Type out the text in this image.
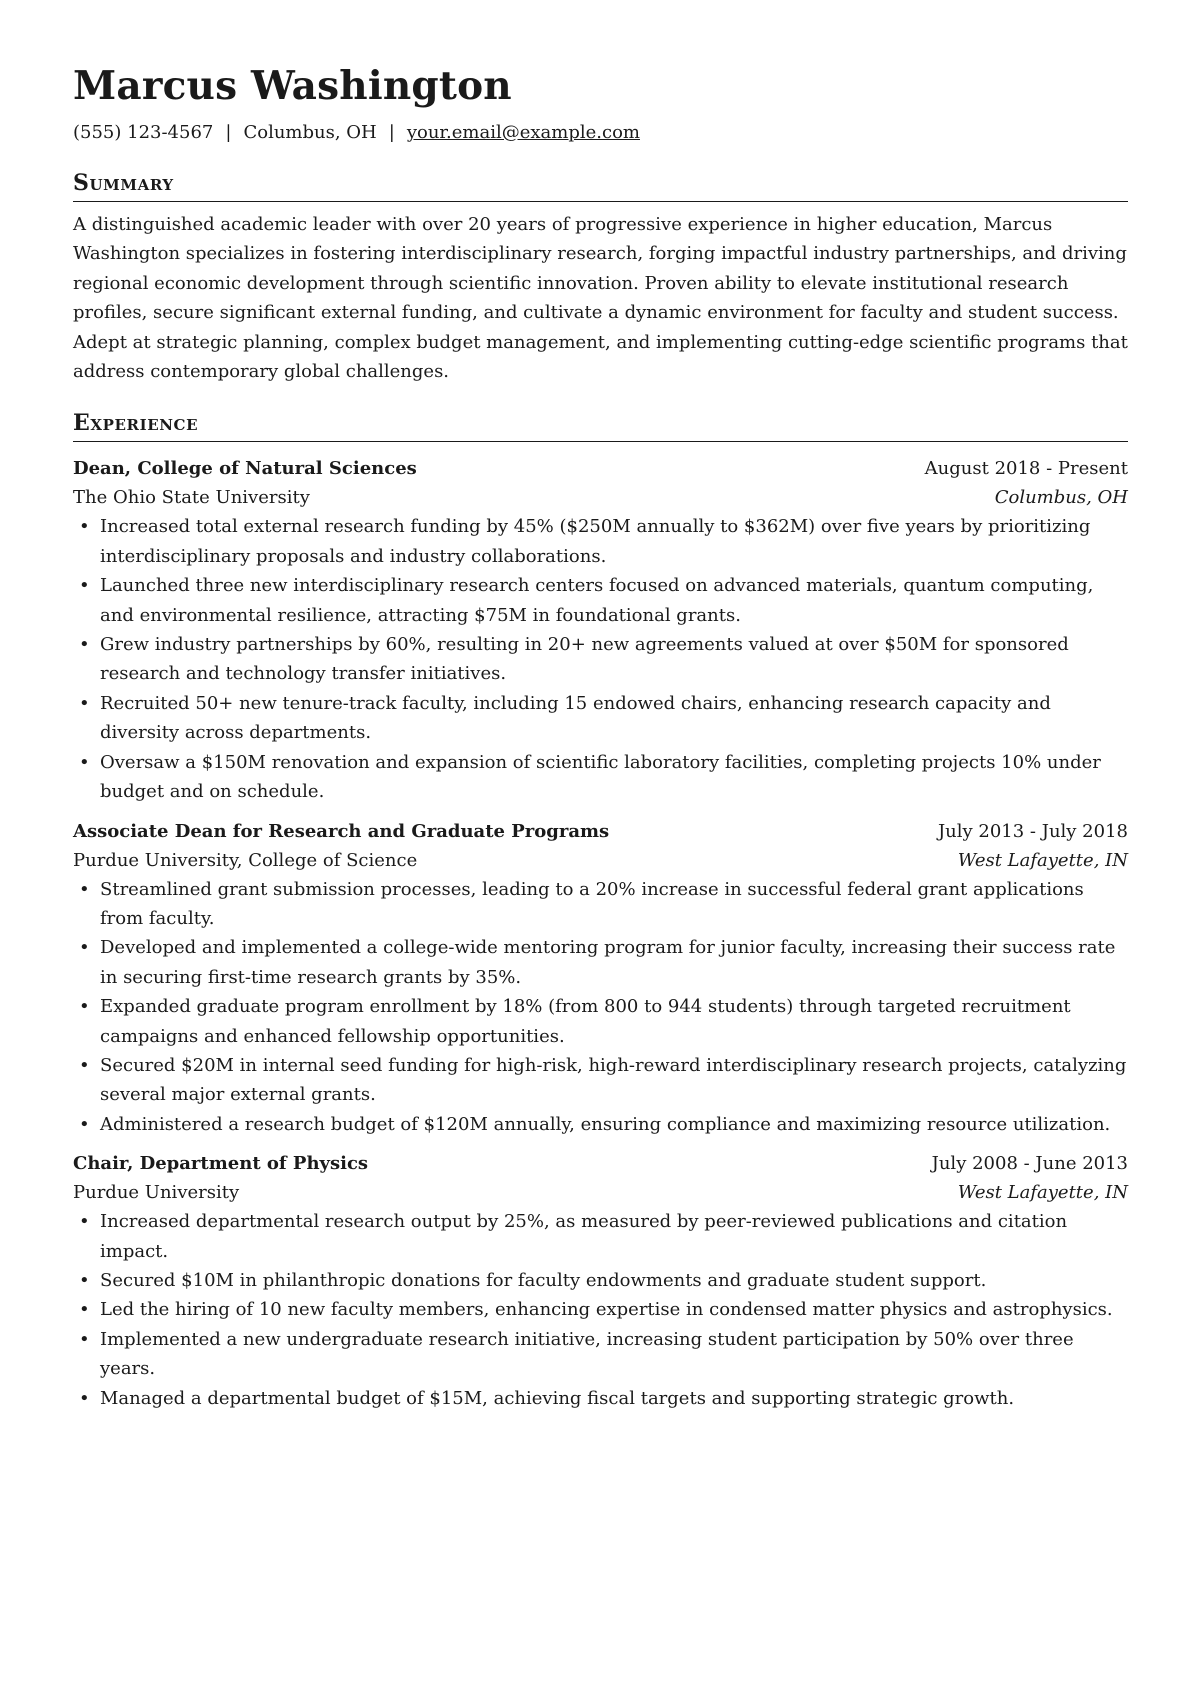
Marcus Washington
(555) 123-4567 | Columbus, OH | your.email@example.com
Summary
A distinguished academic leader with over 20 years of progressive experience in higher education, Marcus Washington specializes in fostering interdisciplinary research, forging impactful industry partnerships, and driving regional economic development through scientific innovation. Proven ability to elevate institutional research profiles, secure significant external funding, and cultivate a dynamic environment for faculty and student success. Adept at strategic planning, complex budget management, and implementing cutting-edge scientific programs that address contemporary global challenges.
Experience
Dean, College of Natural Sciences	August 2018 - Present
The Ohio State University	Columbus, OH
• Increased total external research funding by 45% ($250M annually to $362M) over five years by prioritizing interdisciplinary proposals and industry collaborations.
• Launched three new interdisciplinary research centers focused on advanced materials, quantum computing, and environmental resilience, attracting $75M in foundational grants.
• Grew industry partnerships by 60%, resulting in 20+ new agreements valued at over $50M for sponsored research and technology transfer initiatives.
• Recruited 50+ new tenure-track faculty, including 15 endowed chairs, enhancing research capacity and diversity across departments.
• Oversaw a $150M renovation and expansion of scientific laboratory facilities, completing projects 10% under budget and on schedule.
Associate Dean for Research and Graduate Programs	July 2013 - July 2018
Purdue University, College of Science	West Lafayette, IN
• Streamlined grant submission processes, leading to a 20% increase in successful federal grant applications from faculty.
• Developed and implemented a college-wide mentoring program for junior faculty, increasing their success rate in securing first-time research grants by 35%.
• Expanded graduate program enrollment by 18% (from 800 to 944 students) through targeted recruitment campaigns and enhanced fellowship opportunities.
• Secured $20M in internal seed funding for high-risk, high-reward interdisciplinary research projects, catalyzing several major external grants.
• Administered a research budget of $120M annually, ensuring compliance and maximizing resource utilization.
Chair, Department of Physics	July 2008 - June 2013
Purdue University	West Lafayette, IN
• Increased departmental research output by 25%, as measured by peer-reviewed publications and citation impact.
• Secured $10M in philanthropic donations for faculty endowments and graduate student support.
• Led the hiring of 10 new faculty members, enhancing expertise in condensed matter physics and astrophysics.
• Implemented a new undergraduate research initiative, increasing student participation by 50% over three years.
• Managed a departmental budget of $15M, achieving fiscal targets and supporting strategic growth.
